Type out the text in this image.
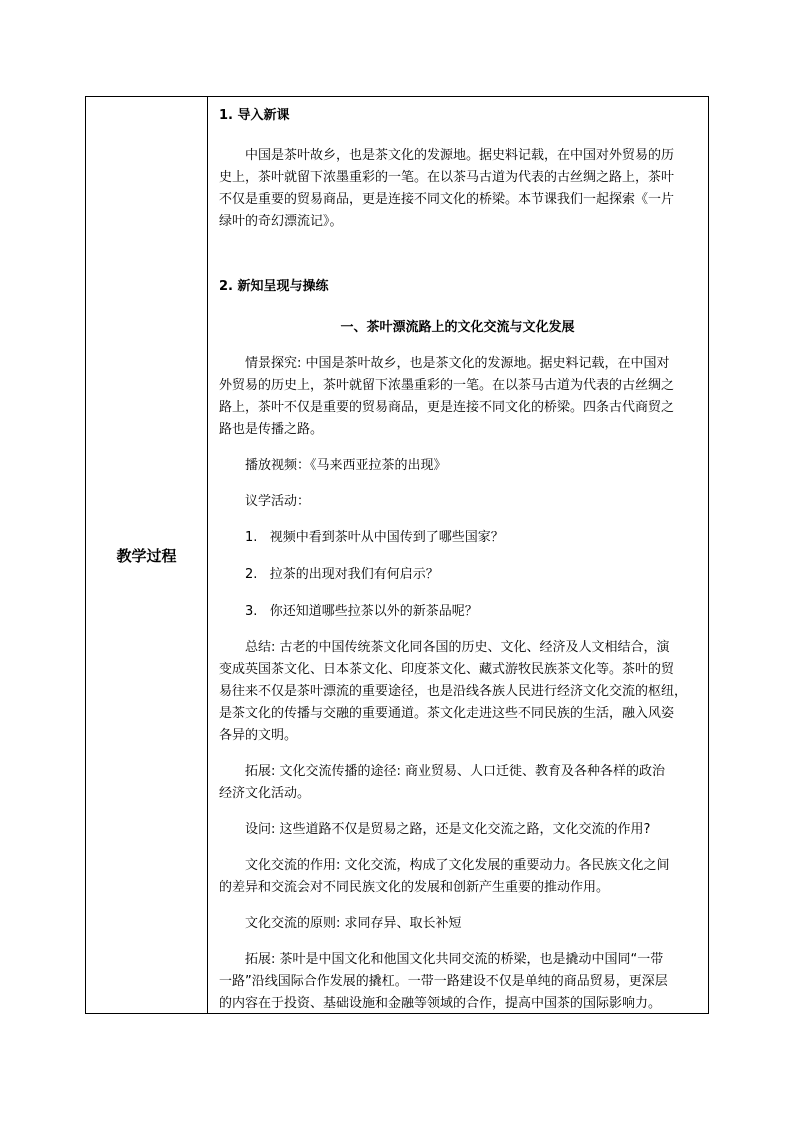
教学过程
1. 导入新课
中国是茶叶故乡，也是茶文化的发源地。据史料记载，在中国对外贸易的历
史上，茶叶就留下浓墨重彩的一笔。在以茶马古道为代表的古丝绸之路上，茶叶
不仅是重要的贸易商品，更是连接不同文化的桥梁。本节课我们一起探索《一片
绿叶的奇幻漂流记》。
2. 新知呈现与操练
一、茶叶漂流路上的文化交流与文化发展
情景探究: 中国是茶叶故乡，也是茶文化的发源地。据史料记载，在中国对
外贸易的历史上，茶叶就留下浓墨重彩的一笔。在以茶马古道为代表的古丝绸之
路上，茶叶不仅是重要的贸易商品，更是连接不同文化的桥梁。四条古代商贸之
路也是传播之路。
播放视频：《马来西亚拉茶的出现》
议学活动：
1.   视频中看到茶叶从中国传到了哪些国家？
2.   拉茶的出现对我们有何启示？
3.   你还知道哪些拉茶以外的新茶品呢？
总结: 古老的中国传统茶文化同各国的历史、文化、经济及人文相结合，演
变成英国茶文化、日本茶文化、印度茶文化、藏式游牧民族茶文化等。茶叶的贸
易往来不仅是茶叶漂流的重要途径，也是沿线各族人民进行经济文化交流的枢纽，
是茶文化的传播与交融的重要通道。茶文化走进这些不同民族的生活，融入风姿
各异的文明。
拓展: 文化交流传播的途径: 商业贸易、人口迁徙、教育及各种各样的政治
经济文化活动。
设问: 这些道路不仅是贸易之路，还是文化交流之路，文化交流的作用?
文化交流的作用: 文化交流，构成了文化发展的重要动力。各民族文化之间
的差异和交流会对不同民族文化的发展和创新产生重要的推动作用。
文化交流的原则: 求同存异、取长补短
拓展: 茶叶是中国文化和他国文化共同交流的桥梁，也是撬动中国同“一带
一路”沿线国际合作发展的撬杠。一带一路建设不仅是单纯的商品贸易，更深层
的内容在于投资、基础设施和金融等领域的合作，提高中国茶的国际影响力。
